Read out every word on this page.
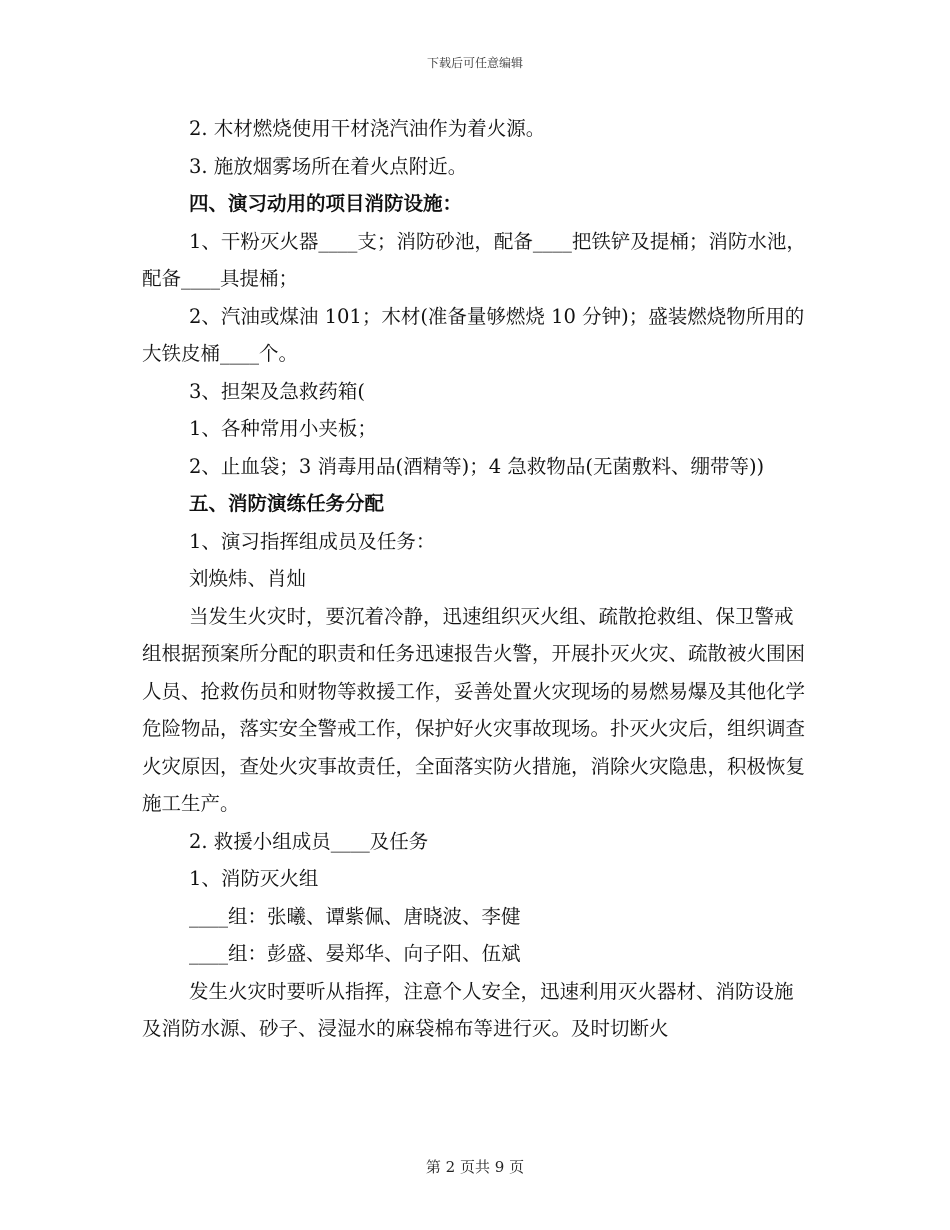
下载后可任意编辑

2. 木材燃烧使用干材浇汽油作为着火源。

3. 施放烟雾场所在着火点附近。

四、演习动用的项目消防设施：

1、干粉灭火器____支；消防砂池，配备____把铁铲及提桶；消防水池，配备____具提桶；

2、汽油或煤油 101；木材(准备量够燃烧 10 分钟)；盛装燃烧物所用的大铁皮桶____个。

3、担架及急救药箱(

1、各种常用小夹板；

2、止血袋；3 消毒用品(酒精等)；4 急救物品(无菌敷料、绷带等))

五、消防演练任务分配

1、演习指挥组成员及任务：

刘焕炜、肖灿

当发生火灾时，要沉着冷静，迅速组织灭火组、疏散抢救组、保卫警戒组根据预案所分配的职责和任务迅速报告火警，开展扑灭火灾、疏散被火围困人员、抢救伤员和财物等救援工作，妥善处置火灾现场的易燃易爆及其他化学危险物品，落实安全警戒工作，保护好火灾事故现场。扑灭火灾后，组织调查火灾原因，查处火灾事故责任，全面落实防火措施，消除火灾隐患，积极恢复施工生产。

2. 救援小组成员____及任务

1、消防灭火组

____组：张曦、谭紫佩、唐晓波、李健

____组：彭盛、晏郑华、向子阳、伍斌

发生火灾时要听从指挥，注意个人安全，迅速利用灭火器材、消防设施及消防水源、砂子、浸湿水的麻袋棉布等进行灭。及时切断火

第 2 页共 9 页
